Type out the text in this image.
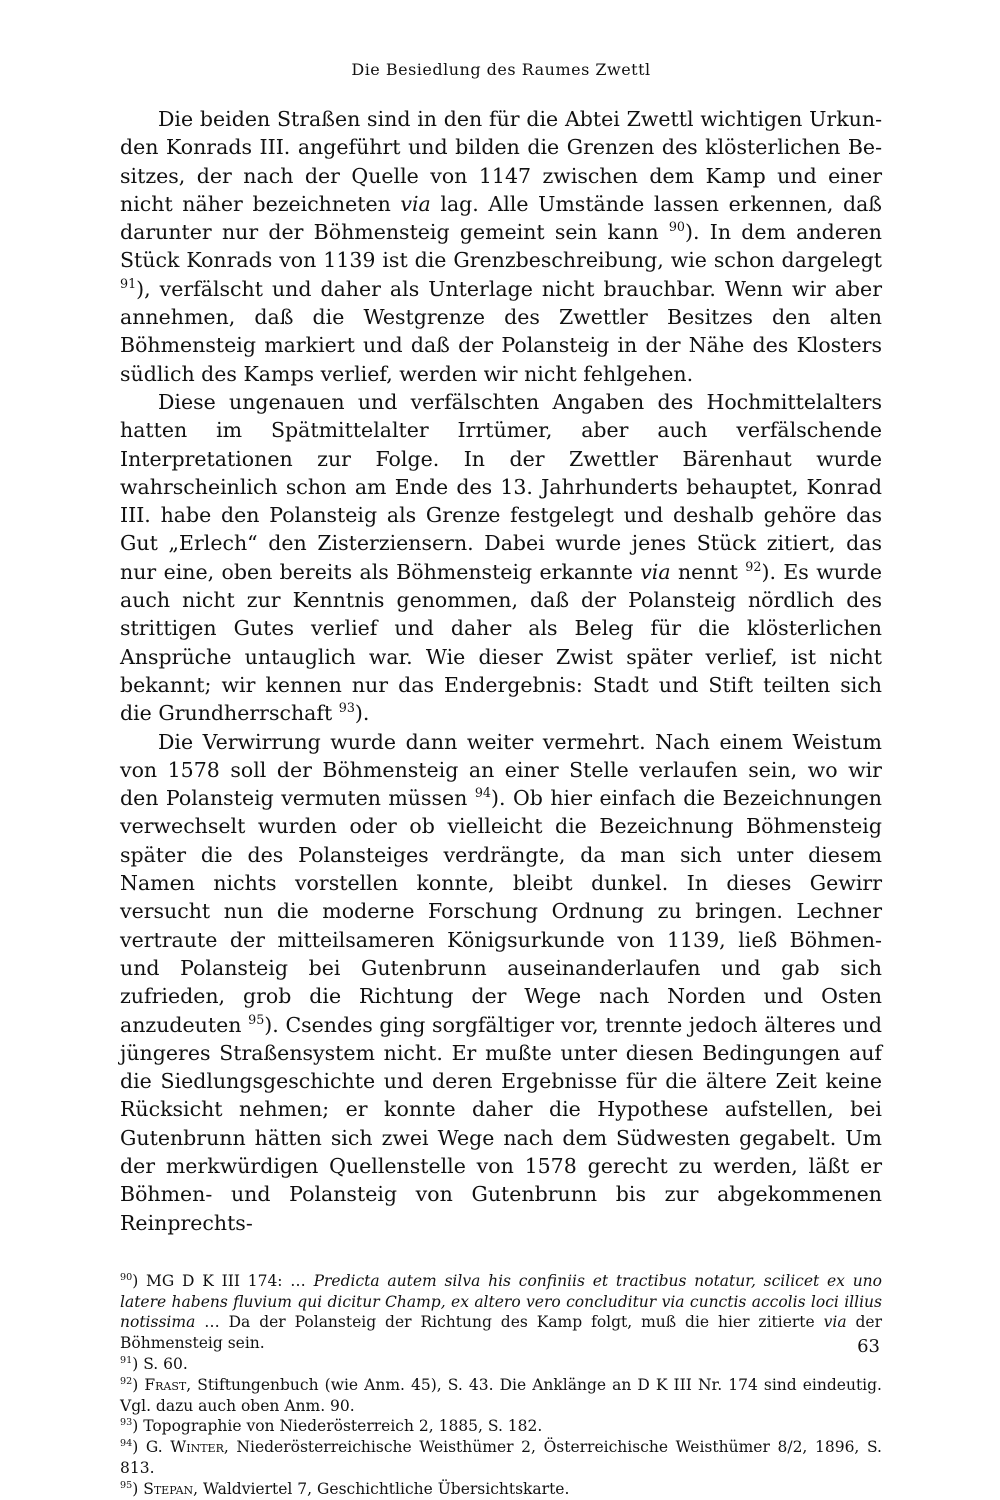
Die Besiedlung des Raumes Zwettl

Die beiden Straßen sind in den für die Abtei Zwettl wichtigen Urkunden Konrads III. angeführt und bilden die Grenzen des klösterlichen Besitzes, der nach der Quelle von 1147 zwischen dem Kamp und einer nicht näher bezeichneten via lag. Alle Umstände lassen erkennen, daß darunter nur der Böhmensteig gemeint sein kann $^{90}$). In dem anderen Stück Konrads von 1139 ist die Grenzbeschreibung, wie schon dargelegt $^{91}$), verfälscht und daher als Unterlage nicht brauchbar. Wenn wir aber annehmen, daß die Westgrenze des Zwettler Besitzes den alten Böhmensteig markiert und daß der Polansteig in der Nähe des Klosters südlich des Kamps verlief, werden wir nicht fehlgehen.

Diese ungenauen und verfälschten Angaben des Hochmittelalters hatten im Spätmittelalter Irrtümer, aber auch verfälschende Interpretationen zur Folge. In der Zwettler Bärenhaut wurde wahrscheinlich schon am Ende des 13. Jahrhunderts behauptet, Konrad III. habe den Polansteig als Grenze festgelegt und deshalb gehöre das Gut „Erlech“ den Zisterziensern. Dabei wurde jenes Stück zitiert, das nur eine, oben bereits als Böhmensteig erkannte via nennt $^{92}$). Es wurde auch nicht zur Kenntnis genommen, daß der Polansteig nördlich des strittigen Gutes verlief und daher als Beleg für die klösterlichen Ansprüche untauglich war. Wie dieser Zwist später verlief, ist nicht bekannt; wir kennen nur das Endergebnis: Stadt und Stift teilten sich die Grundherrschaft $^{93}$).

Die Verwirrung wurde dann weiter vermehrt. Nach einem Weistum von 1578 soll der Böhmensteig an einer Stelle verlaufen sein, wo wir den Polansteig vermuten müssen $^{94}$). Ob hier einfach die Bezeichnungen verwechselt wurden oder ob vielleicht die Bezeichnung Böhmensteig später die des Polansteiges verdrängte, da man sich unter diesem Namen nichts vorstellen konnte, bleibt dunkel. In dieses Gewirr versucht nun die moderne Forschung Ordnung zu bringen. Lechner vertraute der mitteilsameren Königsurkunde von 1139, ließ Böhmen- und Polansteig bei Gutenbrunn auseinanderlaufen und gab sich zufrieden, grob die Richtung der Wege nach Norden und Osten anzudeuten $^{95}$). Csendes ging sorgfältiger vor, trennte jedoch älteres und jüngeres Straßensystem nicht. Er mußte unter diesen Bedingungen auf die Siedlungsgeschichte und deren Ergebnisse für die ältere Zeit keine Rücksicht nehmen; er konnte daher die Hypothese aufstellen, bei Gutenbrunn hätten sich zwei Wege nach dem Südwesten gegabelt. Um der merkwürdigen Quellenstelle von 1578 gerecht zu werden, läßt er Böhmen- und Polansteig von Gutenbrunn bis zur abgekommenen Reinprechts-

$^{90}$) MG D K III 174: … Predicta autem silva his confiniis et tractibus notatur, scilicet ex uno latere habens fluvium qui dicitur Champ, ex altero vero concluditur via cunctis accolis loci illius notissima … Da der Polansteig der Richtung des Kamp folgt, muß die hier zitierte via der Böhmensteig sein.

$^{91}$) S. 60.

$^{92}$) Frast, Stiftungenbuch (wie Anm. 45), S. 43. Die Anklänge an D K III Nr. 174 sind eindeutig. Vgl. dazu auch oben Anm. 90.

$^{93}$) Topographie von Niederösterreich 2, 1885, S. 182.

$^{94}$) G. Winter, Niederösterreichische Weisthümer 2, Österreichische Weisthümer 8/2, 1896, S. 813.

$^{95}$) Stepan, Waldviertel 7, Geschichtliche Übersichtskarte.

63
